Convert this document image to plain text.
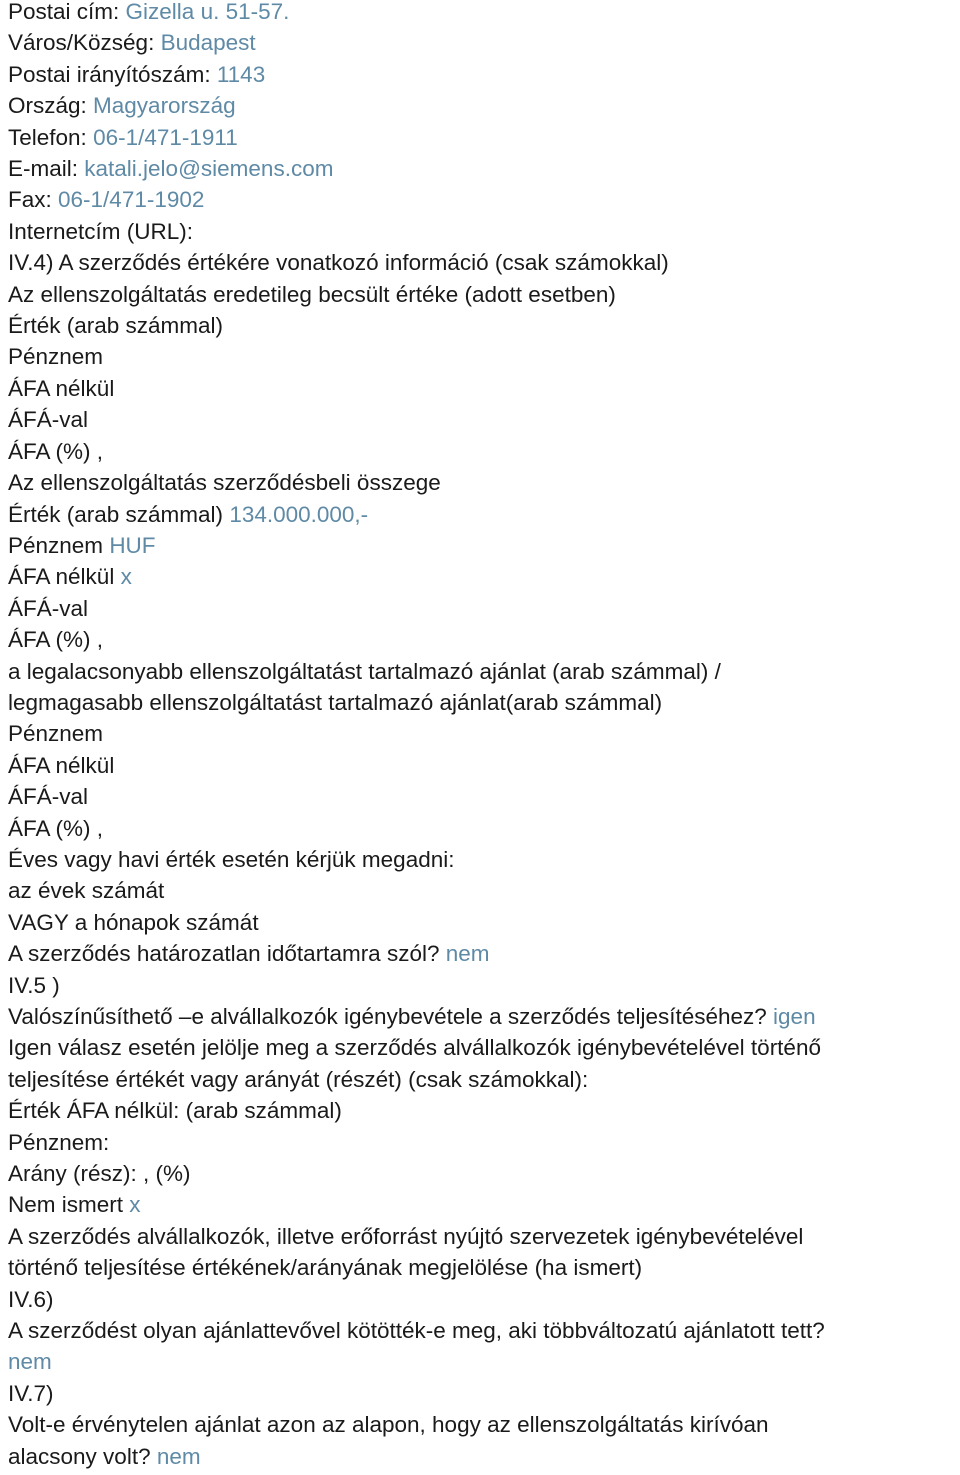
Postai cím: Gizella u. 51-57.
Város/Község: Budapest
Postai irányítószám: 1143
Ország: Magyarország
Telefon: 06-1/471-1911
E-mail: katali.jelo@siemens.com
Fax: 06-1/471-1902
Internetcím (URL):
IV.4) A szerződés értékére vonatkozó információ (csak számokkal)
Az ellenszolgáltatás eredetileg becsült értéke (adott esetben)
Érték (arab számmal)
Pénznem
ÁFA nélkül
ÁFÁ-val
ÁFA (%) ,
Az ellenszolgáltatás szerződésbeli összege
Érték (arab számmal) 134.000.000,-
Pénznem HUF
ÁFA nélkül x
ÁFÁ-val
ÁFA (%) ,
a legalacsonyabb ellenszolgáltatást tartalmazó ajánlat (arab számmal) /
legmagasabb ellenszolgáltatást tartalmazó ajánlat(arab számmal)
Pénznem
ÁFA nélkül
ÁFÁ-val
ÁFA (%) ,
Éves vagy havi érték esetén kérjük megadni:
az évek számát
VAGY a hónapok számát
A szerződés határozatlan időtartamra szól? nem
IV.5 )
Valószínűsíthető –e alvállalkozók igénybevétele a szerződés teljesítéséhez? igen
Igen válasz esetén jelölje meg a szerződés alvállalkozók igénybevételével történő
teljesítése értékét vagy arányát (részét) (csak számokkal):
Érték ÁFA nélkül: (arab számmal)
Pénznem:
Arány (rész): , (%)
Nem ismert x
A szerződés alvállalkozók, illetve erőforrást nyújtó szervezetek igénybevételével
történő teljesítése értékének/arányának megjelölése (ha ismert)
IV.6)
A szerződést olyan ajánlattevővel kötötték-e meg, aki többváltozatú ajánlatott tett?
nem
IV.7)
Volt-e érvénytelen ajánlat azon az alapon, hogy az ellenszolgáltatás kirívóan
alacsony volt? nem
